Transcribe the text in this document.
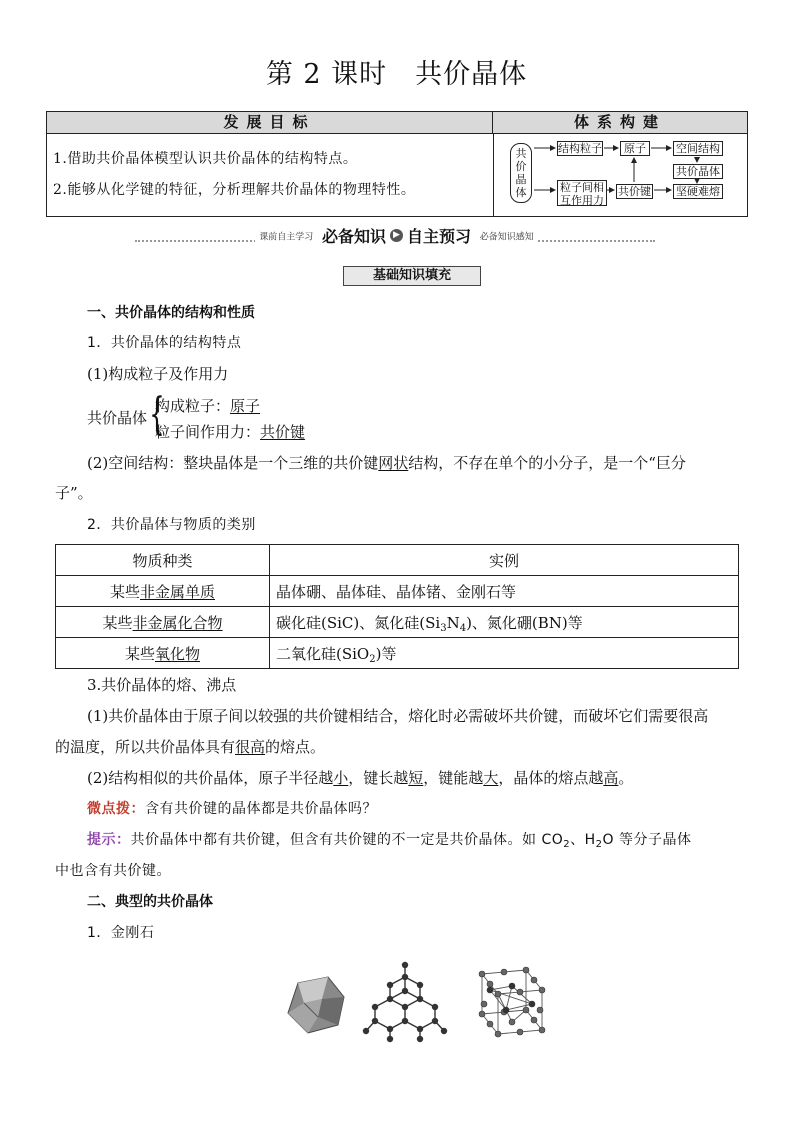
第 2 课时 共价晶体
发展目标	体系构建
1.借助共价晶体模型认识共价晶体的结构特点。
2.能够从化学键的特征，分析理解共价晶体的物理特性。
共价晶体
结构粒子	原子	空间结构
共价晶体
粒子间相互作用力
共价键 坚硬难熔
课前自主学习 必备知识 ▶ 自主预习 必备知识感知
基础知识填充
一、共价晶体的结构和性质
1．共价晶体的结构特点
(1)构成粒子及作用力
共价晶体 {
构成粒子：原子
粒子间作用力：共价键
(2)空间结构：整块晶体是一个三维的共价键网状结构，不存在单个的小分子，是一个“巨分
子”。
2．共价晶体与物质的类别
物质种类	实例
某些非金属单质	晶体硼、晶体硅、晶体锗、金刚石等
某些非金属化合物	碳化硅(SiC)、氮化硅$(Si_3N_4)$、氮化硼(BN)等
某些氧化物	二氧化硅(SiO$_2$)等
3.共价晶体的熔、沸点
(1)共价晶体由于原子间以较强的共价键相结合，熔化时必需破坏共价键，而破坏它们需要很高
的温度，所以共价晶体具有很高的熔点。
(2)结构相似的共价晶体，原子半径越小，键长越短，键能越大，晶体的熔点越高。
微点拨：含有共价键的晶体都是共价晶体吗？
提示：共价晶体中都有共价键，但含有共价键的不一定是共价晶体。如 $CO_2$、$H_2O$ 等分子晶体
中也含有共价键。
二、典型的共价晶体
1．金刚石
